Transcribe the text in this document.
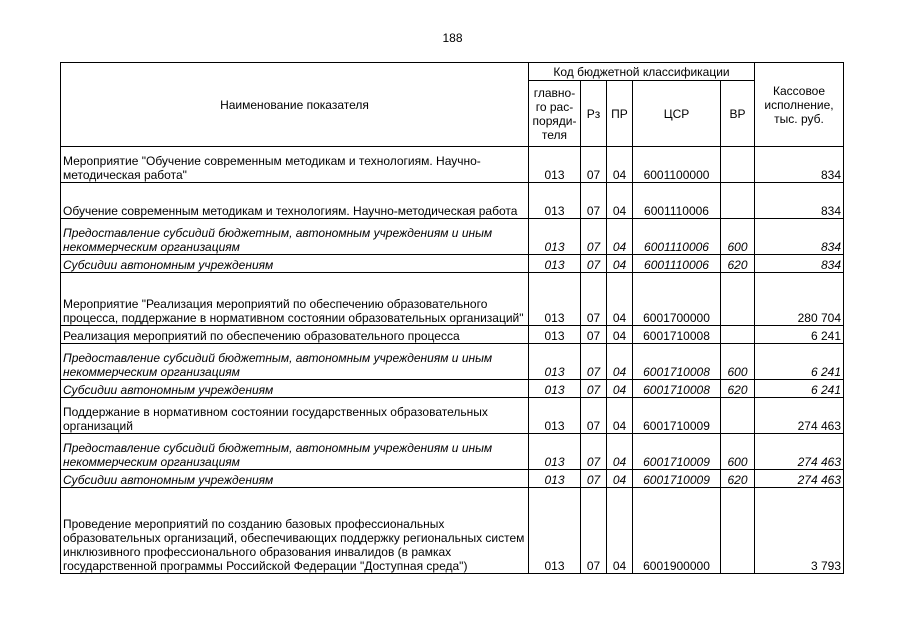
188
Наименование показателя	Код бюджетной классификации					Кассовое
исполнение,
тыс. руб.
	главно-
го рас-
поряди-
теля	Рз	ПР	ЦСР	ВР	
Мероприятие "Обучение современным методикам и технологиям. Научно-методическая работа"	013	07	04	6001100000		834
Обучение современным методикам и технологиям. Научно-методическая работа	013	07	04	6001110006		834
Предоставление субсидий бюджетным, автономным учреждениям и иным некоммерческим организациям	013	07	04	6001110006	600	834
Субсидии автономным учреждениям	013	07	04	6001110006	620	834
Мероприятие "Реализация мероприятий по обеспечению образовательного процесса, поддержание в нормативном состоянии образовательных организаций"	013	07	04	6001700000		280 704
Реализация мероприятий по обеспечению образовательного процесса	013	07	04	6001710008		6 241
Предоставление субсидий бюджетным, автономным учреждениям и иным некоммерческим организациям	013	07	04	6001710008	600	6 241
Субсидии автономным учреждениям	013	07	04	6001710008	620	6 241
Поддержание в нормативном состоянии государственных образовательных организаций	013	07	04	6001710009		274 463
Предоставление субсидий бюджетным, автономным учреждениям и иным некоммерческим организациям	013	07	04	6001710009	600	274 463
Субсидии автономным учреждениям	013	07	04	6001710009	620	274 463
Проведение мероприятий по созданию базовых профессиональных образовательных организаций, обеспечивающих поддержку региональных систем инклюзивного профессионального образования инвалидов (в рамках государственной программы Российской Федерации "Доступная среда")	013	07	04	6001900000		3 793
